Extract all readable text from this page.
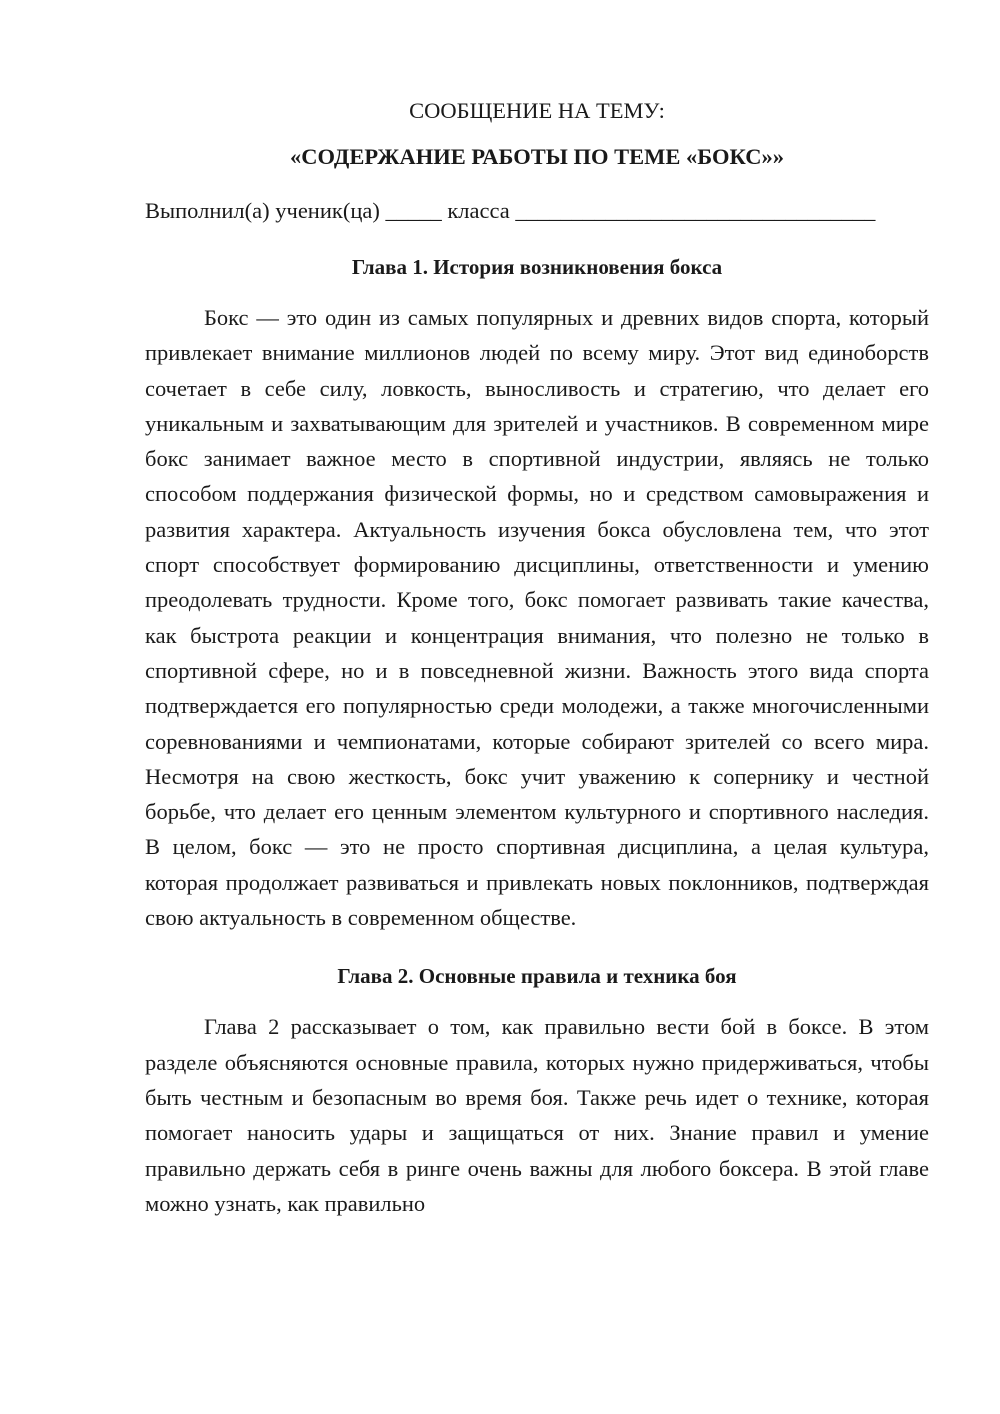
СООБЩЕНИЕ НА ТЕМУ:
«СОДЕРЖАНИЕ РАБОТЫ ПО ТЕМЕ «БОКС»»

Выполнил(а) ученик(ца) _____ класса ________________________________

Глава 1. История возникновения бокса

Бокс — это один из самых популярных и древних видов спорта, который привлекает внимание миллионов людей по всему миру. Этот вид единоборств сочетает в себе силу, ловкость, выносливость и стратегию, что делает его уникальным и захватывающим для зрителей и участников. В современном мире бокс занимает важное место в спортивной индустрии, являясь не только способом поддержания физической формы, но и средством самовыражения и развития характера. Актуальность изучения бокса обусловлена тем, что этот спорт способствует формированию дисциплины, ответственности и умению преодолевать трудности. Кроме того, бокс помогает развивать такие качества, как быстрота реакции и концентрация внимания, что полезно не только в спортивной сфере, но и в повседневной жизни. Важность этого вида спорта подтверждается его популярностью среди молодежи, а также многочисленными соревнованиями и чемпионатами, которые собирают зрителей со всего мира. Несмотря на свою жесткость, бокс учит уважению к сопернику и честной борьбе, что делает его ценным элементом культурного и спортивного наследия. В целом, бокс — это не просто спортивная дисциплина, а целая культура, которая продолжает развиваться и привлекать новых поклонников, подтверждая свою актуальность в современном обществе.

Глава 2. Основные правила и техника боя

Глава 2 рассказывает о том, как правильно вести бой в боксе. В этом разделе объясняются основные правила, которых нужно придерживаться, чтобы быть честным и безопасным во время боя. Также речь идет о технике, которая помогает наносить удары и защищаться от них. Знание правил и умение правильно держать себя в ринге очень важны для любого боксера. В этой главе можно узнать, как правильно
